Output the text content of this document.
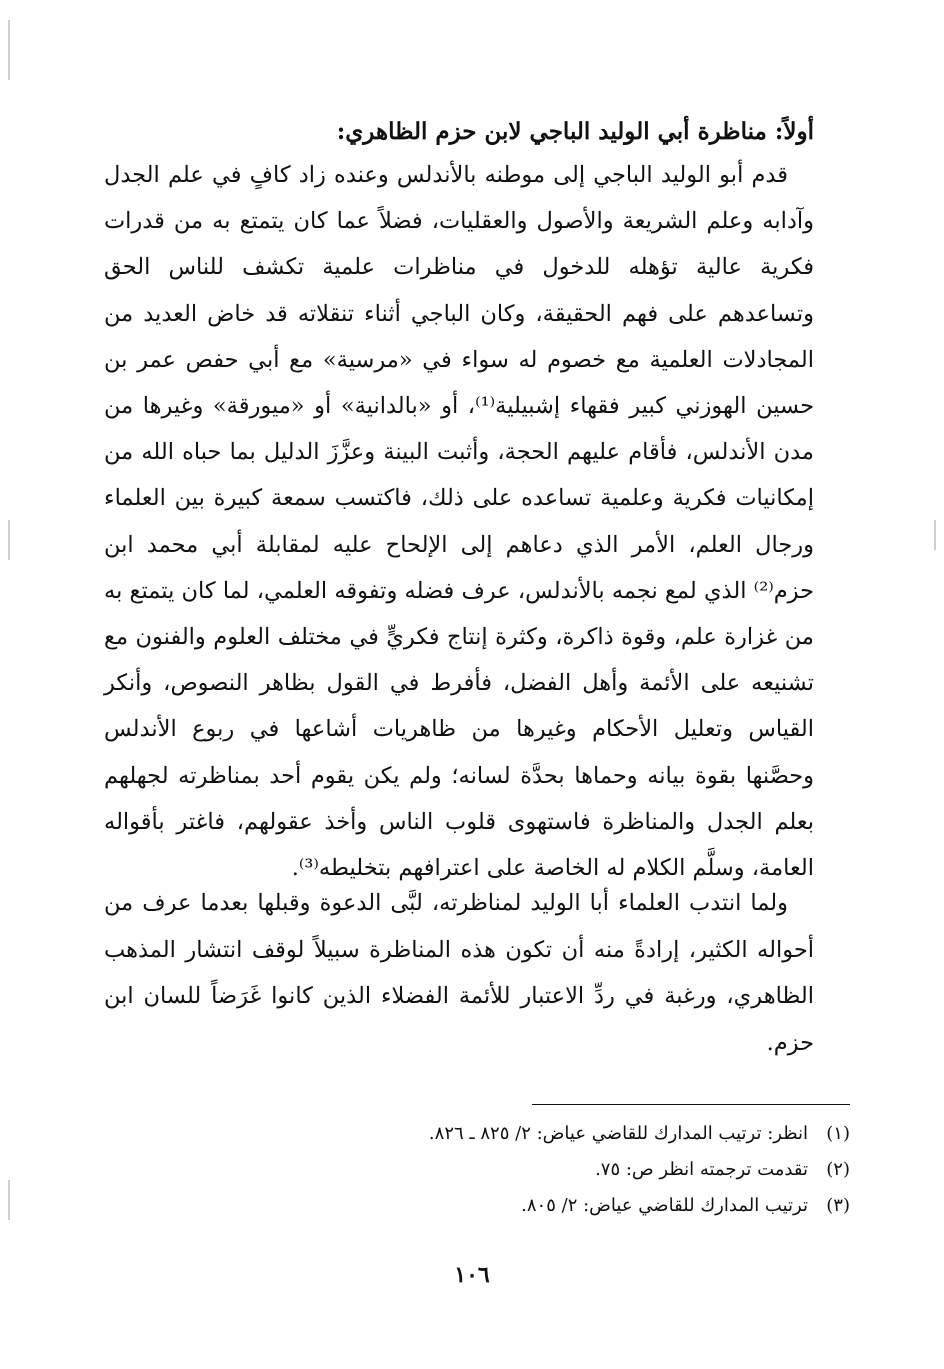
أولاً: مناظرة أبي الوليد الباجي لابن حزم الظاهري:

قدم أبو الوليد الباجي إلى موطنه بالأندلس وعنده زاد كافٍ في علم الجدل وآدابه وعلم الشريعة والأصول والعقليات، فضلاً عما كان يتمتع به من قدرات فكرية عالية تؤهله للدخول في مناظرات علمية تكشف للناس الحق وتساعدهم على فهم الحقيقة، وكان الباجي أثناء تنقلاته قد خاض العديد من المجادلات العلمية مع خصوم له سواء في «مرسية» مع أبي حفص عمر بن حسين الهوزني كبير فقهاء إشبيلية⁽¹⁾، أو «بالدانية» أو «ميورقة» وغيرها من مدن الأندلس، فأقام عليهم الحجة، وأثبت البينة وعزَّزَ الدليل بما حباه الله من إمكانيات فكرية وعلمية تساعده على ذلك، فاكتسب سمعة كبيرة بين العلماء ورجال العلم، الأمر الذي دعاهم إلى الإلحاح عليه لمقابلة أبي محمد ابن حزم⁽²⁾ الذي لمع نجمه بالأندلس، عرف فضله وتفوقه العلمي، لما كان يتمتع به من غزارة علم، وقوة ذاكرة، وكثرة إنتاج فكريٍّ في مختلف العلوم والفنون مع تشنيعه على الأئمة وأهل الفضل، فأفرط في القول بظاهر النصوص، وأنكر القياس وتعليل الأحكام وغيرها من ظاهريات أشاعها في ربوع الأندلس وحصَّنها بقوة بيانه وحماها بحدَّة لسانه؛ ولم يكن يقوم أحد بمناظرته لجهلهم بعلم الجدل والمناظرة فاستهوى قلوب الناس وأخذ عقولهم، فاغتر بأقواله العامة، وسلَّم الكلام له الخاصة على اعترافهم بتخليطه⁽³⁾.

ولما انتدب العلماء أبا الوليد لمناظرته، لبَّى الدعوة وقبلها بعدما عرف من أحواله الكثير، إرادةً منه أن تكون هذه المناظرة سبيلاً لوقف انتشار المذهب الظاهري، ورغبة في ردِّ الاعتبار للأئمة الفضلاء الذين كانوا غَرَضاً للسان ابن حزم.

(١)
انظر: ترتيب المدارك للقاضي عياض: ٢/ ٨٢٥ ـ ٨٢٦.
(٢)
تقدمت ترجمته انظر ص: ٧٥.
(٣)
ترتيب المدارك للقاضي عياض: ٢/ ٨٠٥.
١٠٦
